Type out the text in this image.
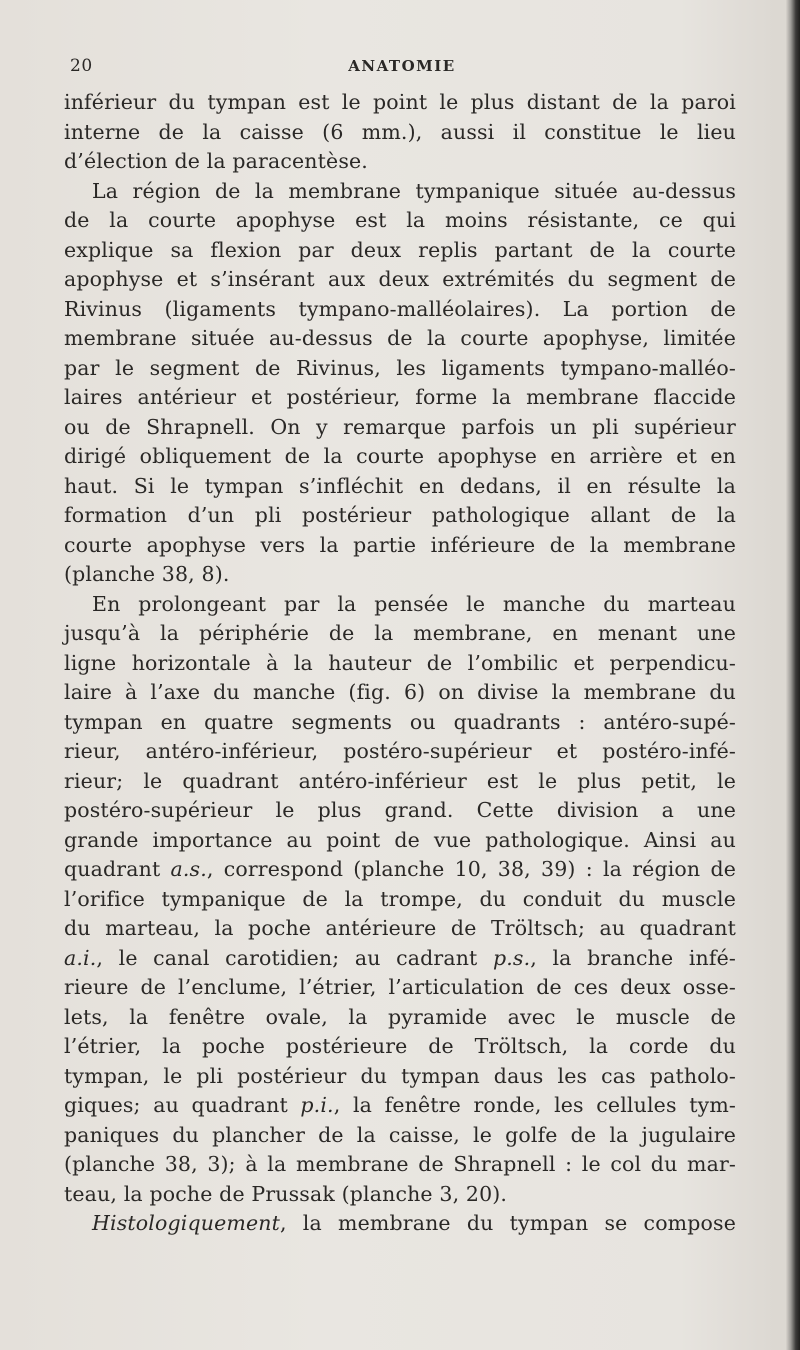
20	ANATOMIE
inférieur du tympan est le point le plus distant de la paroi
interne de la caisse (6 mm.), aussi il constitue le lieu
d’élection de la paracentèse.
La région de la membrane tympanique située au-dessus
de la courte apophyse est la moins résistante, ce qui
explique sa flexion par deux replis partant de la courte
apophyse et s’insérant aux deux extrémités du segment de
Rivinus (ligaments tympano-malléolaires). La portion de
membrane située au-dessus de la courte apophyse, limitée
par le segment de Rivinus, les ligaments tympano-malléo-
laires antérieur et postérieur, forme la membrane flaccide
ou de Shrapnell. On y remarque parfois un pli supérieur
dirigé obliquement de la courte apophyse en arrière et en
haut. Si le tympan s’infléchit en dedans, il en résulte la
formation d’un pli postérieur pathologique allant de la
courte apophyse vers la partie inférieure de la membrane
(planche 38, 8).
En prolongeant par la pensée le manche du marteau
jusqu’à la périphérie de la membrane, en menant une
ligne horizontale à la hauteur de l’ombilic et perpendicu-
laire à l’axe du manche (fig. 6) on divise la membrane du
tympan en quatre segments ou quadrants : antéro-supé-
rieur, antéro-inférieur, postéro-supérieur et postéro-infé-
rieur; le quadrant antéro-inférieur est le plus petit, le
postéro-supérieur le plus grand. Cette division a une
grande importance au point de vue pathologique. Ainsi au
quadrant a.s., correspond (planche 10, 38, 39) : la région de
l’orifice tympanique de la trompe, du conduit du muscle
du marteau, la poche antérieure de Tröltsch; au quadrant
a.i., le canal carotidien; au cadrant p.s., la branche infé-
rieure de l’enclume, l’étrier, l’articulation de ces deux osse-
lets, la fenêtre ovale, la pyramide avec le muscle de
l’étrier, la poche postérieure de Tröltsch, la corde du
tympan, le pli postérieur du tympan daus les cas patholo-
giques; au quadrant p.i., la fenêtre ronde, les cellules tym-
paniques du plancher de la caisse, le golfe de la jugulaire
(planche 38, 3); à la membrane de Shrapnell : le col du mar-
teau, la poche de Prussak (planche 3, 20).
Histologiquement, la membrane du tympan se compose
